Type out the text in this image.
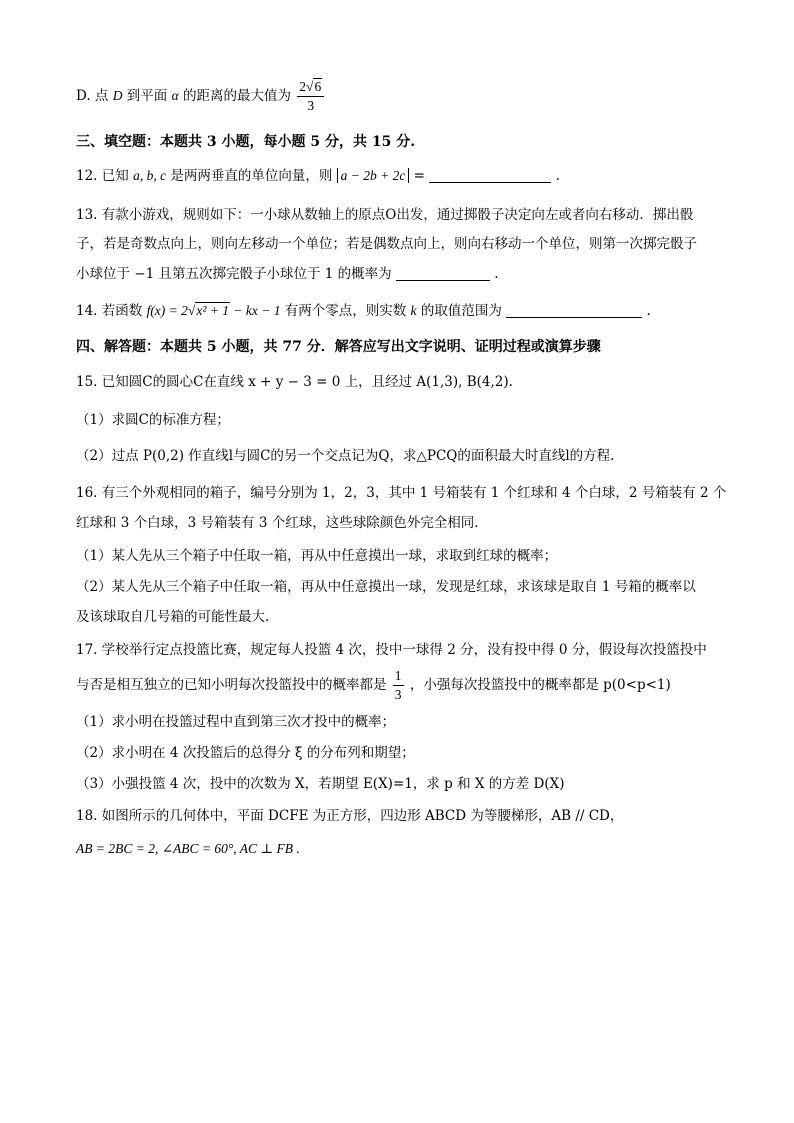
D. 点 D 到平面 α 的距离的最大值为 $\frac{2√6}{3}$
三、填空题：本题共 3 小题，每小题 5 分，共 15 分.
12. 已知 a, b, c 是两两垂直的单位向量，则 a − 2b + 2c =	.
13. 有款小游戏，规则如下：一小球从数轴上的原点O出发，通过掷骰子决定向左或者向右移动．掷出骰
子，若是奇数点向上，则向左移动一个单位；若是偶数点向上，则向右移动一个单位，则第一次掷完骰子
小球位于 −1 且第五次掷完骰子小球位于 1 的概率为	.
14. 若函数 f(x) = 2√x² + 1 − kx − 1 有两个零点，则实数 k 的取值范围为	.
四、解答题：本题共 5 小题，共 77 分．解答应写出文字说明、证明过程或演算步骤
15. 已知圆C的圆心C在直线 x + y − 3 = 0 上，且经过 A(1,3), B(4,2).
（1）求圆C的标准方程；
（2）过点 P(0,2) 作直线l与圆C的另一个交点记为Q，求△PCQ的面积最大时直线l的方程.
16. 有三个外观相同的箱子，编号分别为 1，2，3，其中 1 号箱装有 1 个红球和 4 个白球，2 号箱装有 2 个
红球和 3 个白球，3 号箱装有 3 个红球，这些球除颜色外完全相同.
（1）某人先从三个箱子中任取一箱，再从中任意摸出一球，求取到红球的概率；
（2）某人先从三个箱子中任取一箱，再从中任意摸出一球，发现是红球，求该球是取自 1 号箱的概率以
及该球取自几号箱的可能性最大.
17. 学校举行定点投篮比赛，规定每人投篮 4 次，投中一球得 2 分，没有投中得 0 分，假设每次投篮投中
与否是相互独立的已知小明每次投篮投中的概率都是 $\frac{1}{3}$ ，小强每次投篮投中的概率都是 p(0<p<1)
（1）求小明在投篮过程中直到第三次才投中的概率；
（2）求小明在 4 次投篮后的总得分 ξ 的分布列和期望；
（3）小强投篮 4 次，投中的次数为 X，若期望 E(X)=1，求 p 和 X 的方差 D(X)
18. 如图所示的几何体中，平面 DCFE 为正方形，四边形 ABCD 为等腰梯形，AB // CD，
AB = 2BC = 2, ∠ABC = 60°, AC ⊥ FB .
